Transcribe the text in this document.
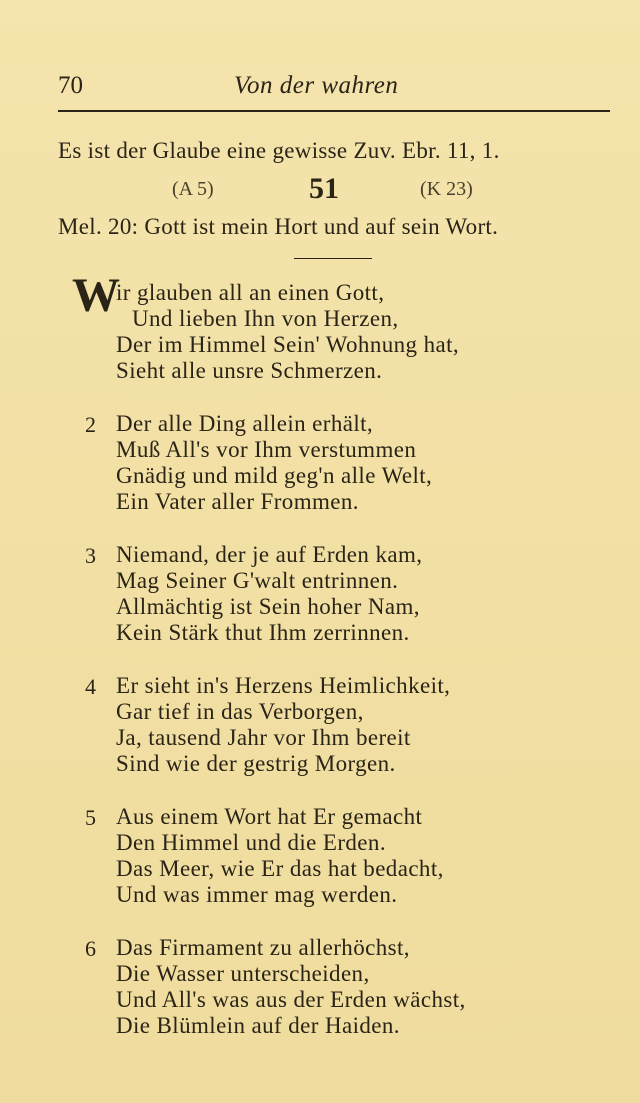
70	Von der wahren
Es ist der Glaube eine gewisse Zuv. Ebr. 11, 1.
(A 5)	51	(K 23)
Mel. 20: Gott ist mein Hort und auf sein Wort.
W
ir glauben all an einen Gott,
Und lieben Ihn von Herzen,
Der im Himmel Sein' Wohnung hat,
Sieht alle unsre Schmerzen.
2 Der alle Ding allein erhält,
Muß All's vor Ihm verstummen
Gnädig und mild geg'n alle Welt,
Ein Vater aller Frommen.
3 Niemand, der je auf Erden kam,
Mag Seiner G'walt entrinnen.
Allmächtig ist Sein hoher Nam,
Kein Stärk thut Ihm zerrinnen.
4 Er sieht in's Herzens Heimlichkeit,
Gar tief in das Verborgen,
Ja, tausend Jahr vor Ihm bereit
Sind wie der gestrig Morgen.
5 Aus einem Wort hat Er gemacht
Den Himmel und die Erden.
Das Meer, wie Er das hat bedacht,
Und was immer mag werden.
6 Das Firmament zu allerhöchst,
Die Wasser unterscheiden,
Und All's was aus der Erden wächst,
Die Blümlein auf der Haiden.
